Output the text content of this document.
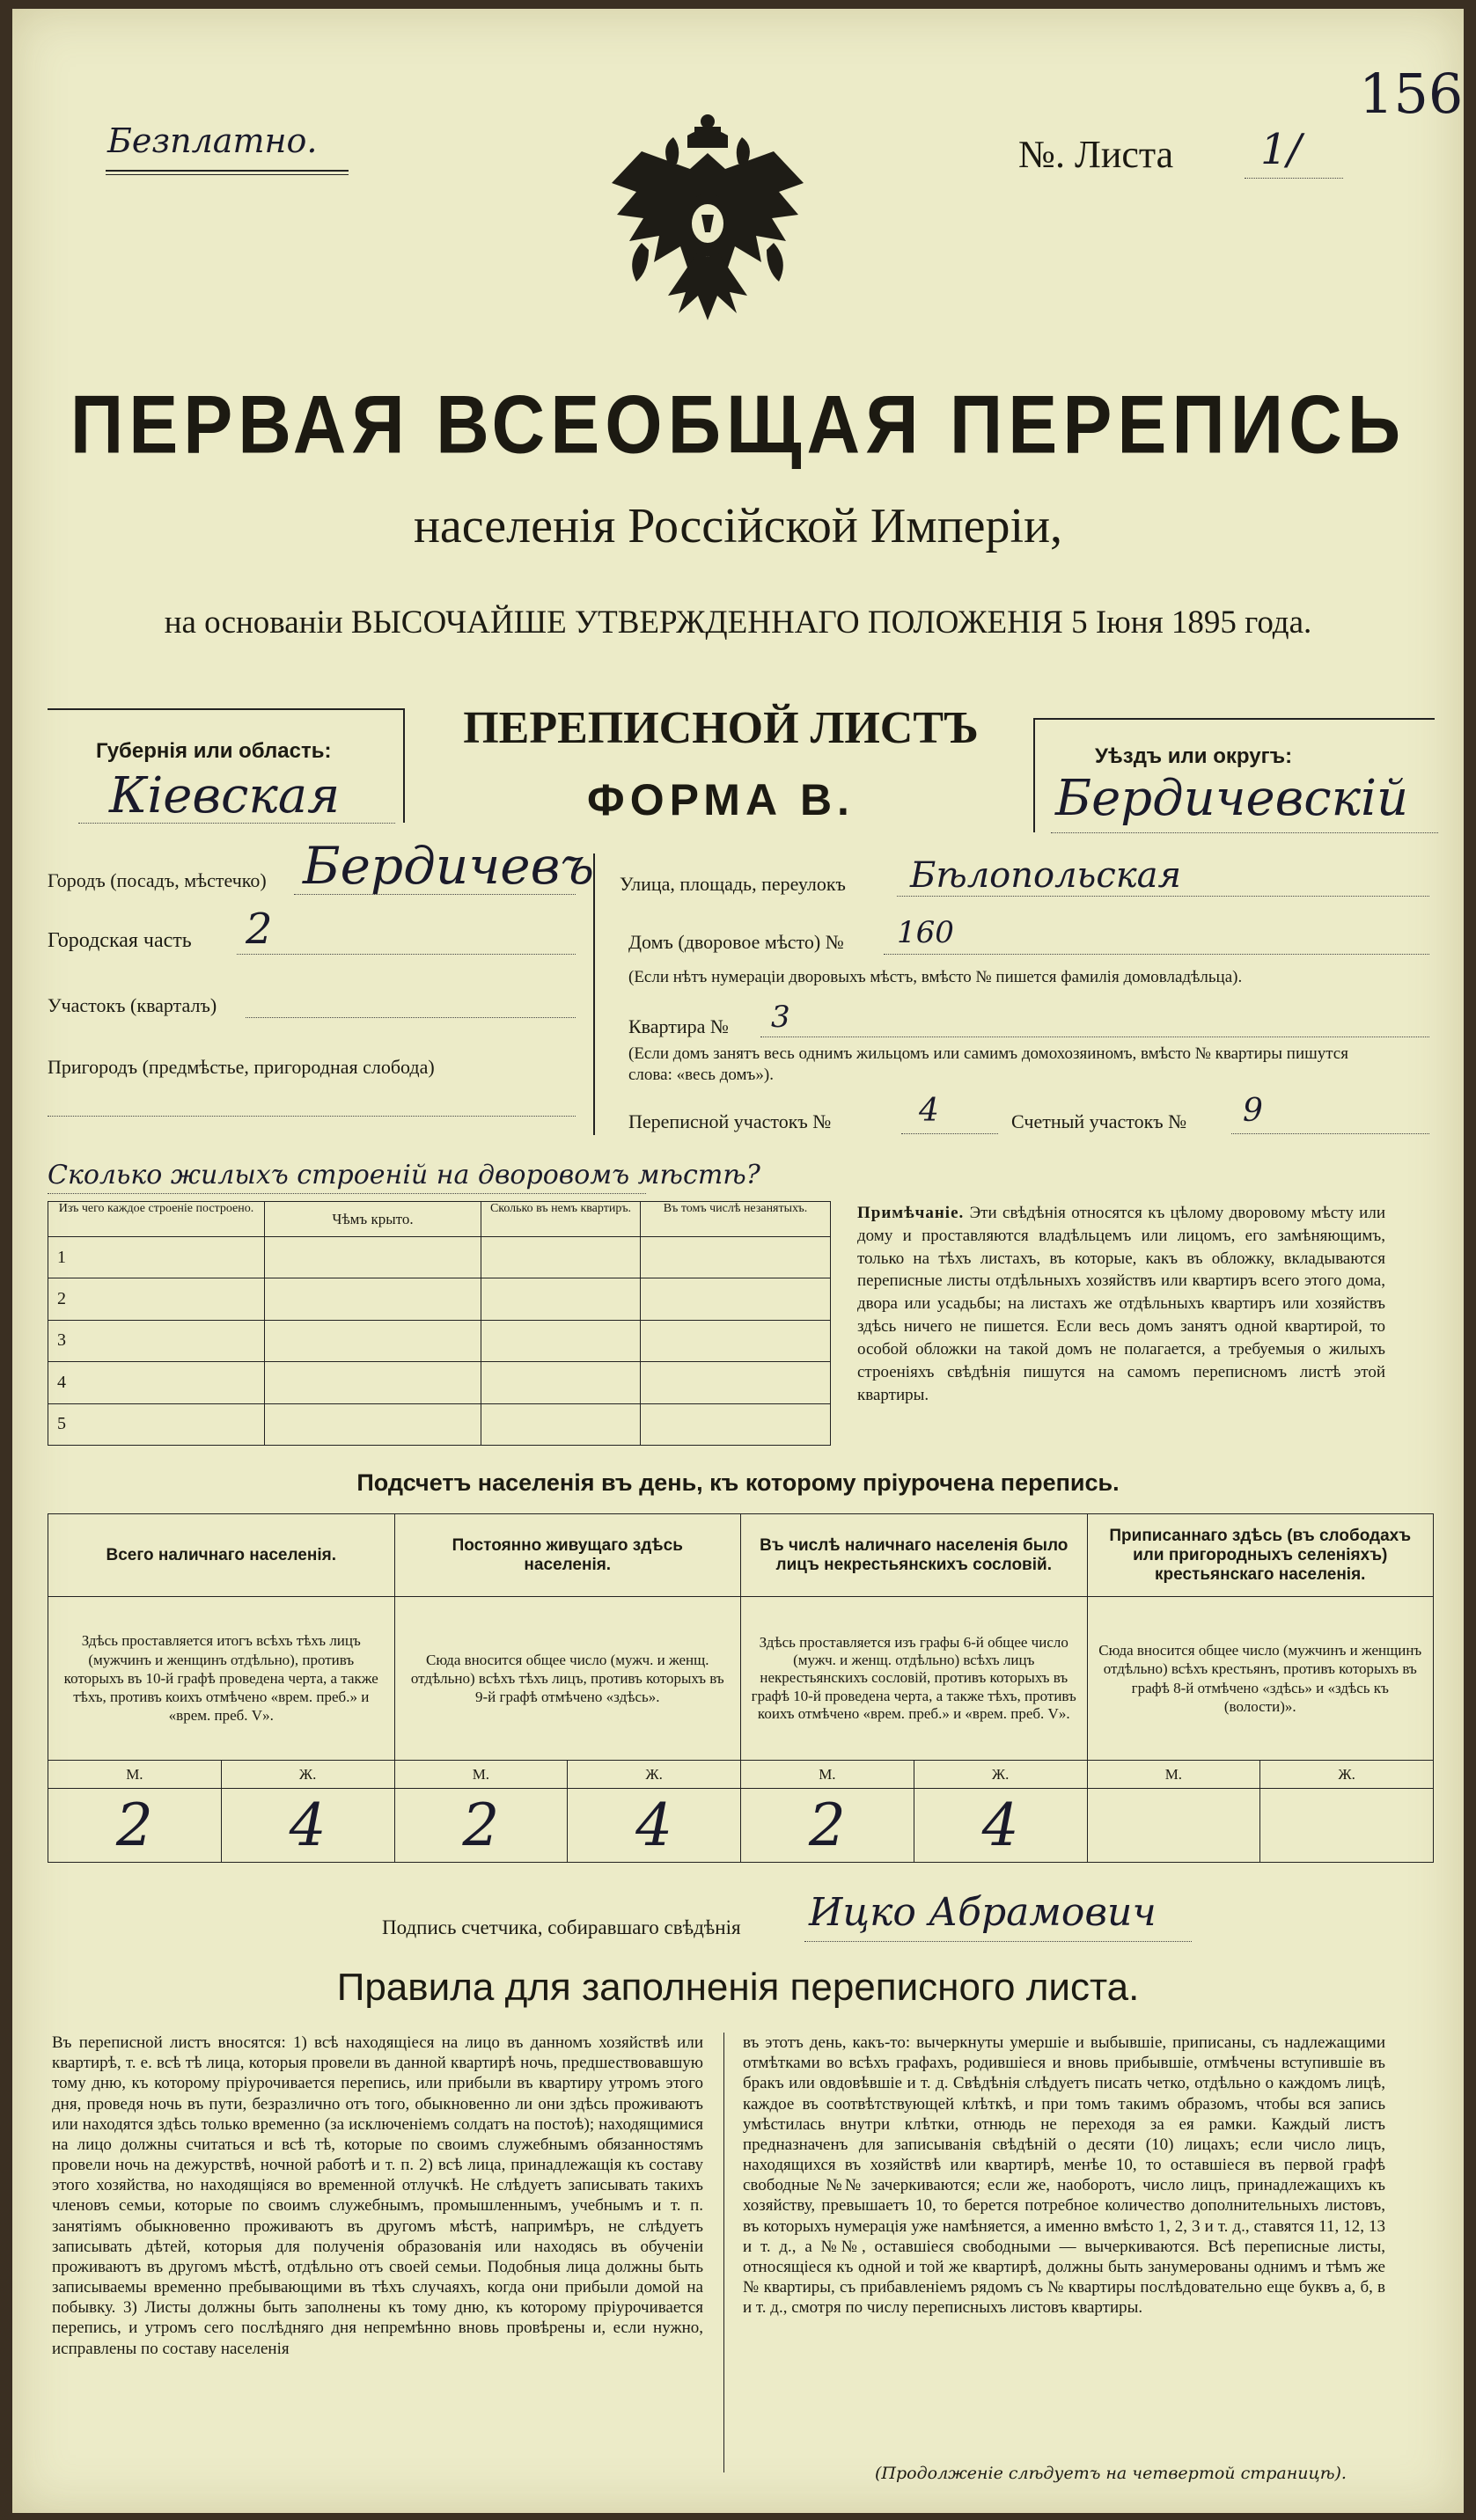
Безплатно.	№. Листа 1/
156
ПЕРВАЯ ВСЕОБЩАЯ ПЕРЕПИСЬ
населенія Россійской Имперіи,
на основаніи ВЫСОЧАЙШЕ УТВЕРЖДЕННАГО ПОЛОЖЕНІЯ 5 Іюня 1895 года.
Губернія или область:
Кіевская
ПЕРЕПИСНОЙ ЛИСТЪ
ФОРМА В.
Уѣздъ или округъ:
Бердичевскій
Городъ (посадъ, мѣстечко) Бердичевъ
Городская часть 2
Участокъ (кварталъ)
Пригородъ (предмѣстье, пригородная слобода)
Улица, площадь, переулокъ Бѣлопольская
Домъ (дворовое мѣсто) № 160
(Если нѣтъ нумераціи дворовыхъ мѣстъ, вмѣсто № пишется фамилія домовладѣльца).
Квартира № 3
(Если домъ занятъ весь однимъ жильцомъ или самимъ домохозяиномъ, вмѣсто № квартиры пишутся слова: «весь домъ»).
Переписной участокъ №	4	Счетный участокъ № 9
Сколько жилыхъ строеній на дворовомъ мѣстѣ?
Изъ чего каждое строеніе построено.	Чѣмъ крыто.	Сколько въ немъ квартиръ.	Въ томъ числѣ незанятыхъ.
1			
2			
3			
4			
5			
Примѣчаніе. Эти свѣдѣнія относятся къ цѣлому дворовому мѣсту или дому и проставляются владѣльцемъ или лицомъ, его замѣняющимъ, только на тѣхъ листахъ, въ которые, какъ въ обложку, вкладываются переписные листы отдѣльныхъ хозяйствъ или квартиръ всего этого дома, двора или усадьбы; на листахъ же отдѣльныхъ квартиръ или хозяйствъ здѣсь ничего не пишется. Если весь домъ занятъ одной квартирой, то особой обложки на такой домъ не полагается, а требуемыя о жилыхъ строеніяхъ свѣдѣнія пишутся на самомъ переписномъ листѣ этой квартиры.
Подсчетъ населенія въ день, къ которому пріурочена перепись.
Всего наличнаго населенія.		Постоянно живущаго здѣсь населенія.		Въ числѣ наличнаго населенія было лицъ некрестьянскихъ сословій.		Приписаннаго здѣсь (въ слободахъ или пригородныхъ селеніяхъ) крестьянскаго населенія.	
Здѣсь проставляется итогъ всѣхъ тѣхъ лицъ (мужчинъ и женщинъ отдѣльно), противъ которыхъ въ 10-й графѣ проведена черта, а также тѣхъ, противъ коихъ отмѣчено «врем. преб.» и «врем. преб. V».		Сюда вносится общее число (мужч. и женщ. отдѣльно) всѣхъ тѣхъ лицъ, противъ которыхъ въ 9-й графѣ отмѣчено «здѣсь».		Здѣсь проставляется изъ графы 6-й общее число (мужч. и женщ. отдѣльно) всѣхъ лицъ некрестьянскихъ сословій, противъ которыхъ въ графѣ 10-й проведена черта, а также тѣхъ, противъ коихъ отмѣчено «врем. преб.» и «врем. преб. V».		Сюда вносится общее число (мужчинъ и женщинъ отдѣльно) всѣхъ крестьянъ, противъ которыхъ въ графѣ 8-й отмѣчено «здѣсь» и «здѣсь къ (волости)».	
М.	Ж.	М.	Ж.	М.	Ж.	М.	Ж.
2	4	2	4	2	4		
Подпись счетчика, собиравшаго свѣдѣнія Ицко Абрамович
Правила для заполненія переписного листа.
Въ переписной листъ вносятся: 1) всѣ находящіеся на лицо въ данномъ хозяйствѣ или квартирѣ, т. е. всѣ тѣ лица, которыя провели въ данной квартирѣ ночь, предшествовавшую тому дню, къ которому пріурочивается перепись, или прибыли въ квартиру утромъ этого дня, проведя ночь въ пути, безразлично отъ того, обыкновенно ли они здѣсь проживаютъ или находятся здѣсь только временно (за исключеніемъ солдатъ на постоѣ); находящимися на лицо должны считаться и всѣ тѣ, которые по своимъ служебнымъ обязанностямъ провели ночь на дежурствѣ, ночной работѣ и т. п. 2) всѣ лица, принадлежащія къ составу этого хозяйства, но находящіяся во временной отлучкѣ. Не слѣдуетъ записывать такихъ членовъ семьи, которые по своимъ служебнымъ, промышленнымъ, учебнымъ и т. п. занятіямъ обыкновенно проживаютъ въ другомъ мѣстѣ, напримѣръ, не слѣдуетъ записывать дѣтей, которыя для полученія образованія или находясь въ обученіи проживаютъ въ другомъ мѣстѣ, отдѣльно отъ своей семьи. Подобныя лица должны быть записываемы временно пребывающими въ тѣхъ случаяхъ, когда они прибыли домой на побывку. 3) Листы должны быть заполнены къ тому дню, къ которому пріурочивается перепись, и утромъ сего послѣдняго дня непремѣнно вновь провѣрены и, если нужно, исправлены по составу населенія
въ этотъ день, какъ-то: вычеркнуты умершіе и выбывшіе, приписаны, съ надлежащими отмѣтками во всѣхъ графахъ, родившіеся и вновь прибывшіе, отмѣчены вступившіе въ бракъ или овдовѣвшіе и т. д. Свѣдѣнія слѣдуетъ писать четко, отдѣльно о каждомъ лицѣ, каждое въ соотвѣтствующей клѣткѣ, и при томъ такимъ образомъ, чтобы вся запись умѣстилась внутри клѣтки, отнюдь не переходя за ея рамки. Каждый листъ предназначенъ для записыванія свѣдѣній о десяти (10) лицахъ; если число лицъ, находящихся въ хозяйствѣ или квартирѣ, менѣе 10, то оставшіеся въ первой графѣ свободные №№ зачеркиваются; если же, наоборотъ, число лицъ, принадлежащихъ къ хозяйству, превышаетъ 10, то берется потребное количество дополнительныхъ листовъ, въ которыхъ нумерація уже намѣняется, а именно вмѣсто 1, 2, 3 и т. д., ставятся 11, 12, 13 и т. д., а №№, оставшіеся свободными — вычеркиваются. Всѣ переписные листы, относящіеся къ одной и той же квартирѣ, должны быть занумерованы однимъ и тѣмъ же № квартиры, съ прибавленіемъ рядомъ съ № квартиры послѣдовательно еще буквъ а, б, в и т. д., смотря по числу переписныхъ листовъ квартиры.
(Продолженіе слѣдуетъ на четвертой страницѣ).
